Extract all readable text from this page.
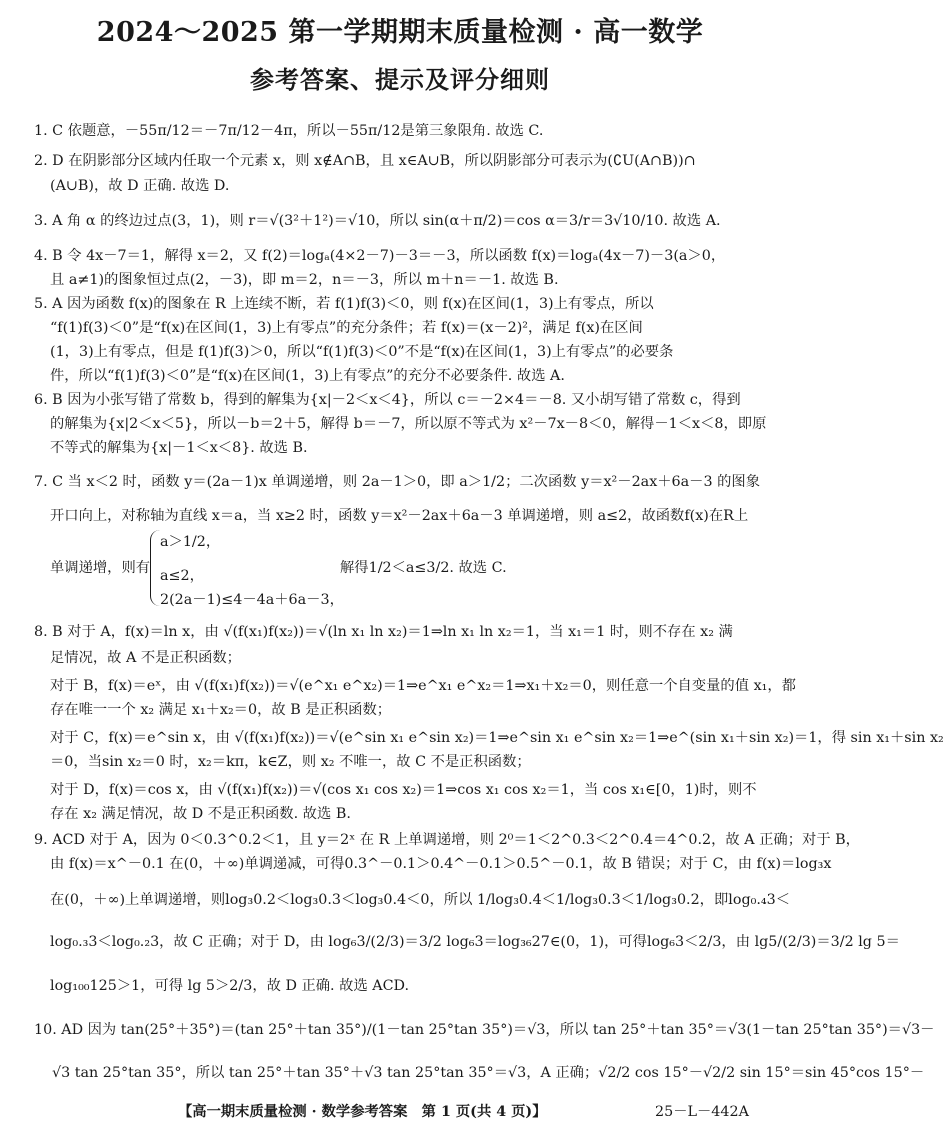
2024～2025 第一学期期末质量检测 · 高一数学
参考答案、提示及评分细则
1. C 依题意，－55π/12＝－7π/12－4π，所以－55π/12是第三象限角. 故选 C.
2. D 在阴影部分区域内任取一个元素 x，则 x∉A∩B，且 x∈A∪B，所以阴影部分可表示为(∁U(A∩B))∩
(A∪B)，故 D 正确. 故选 D.
3. A 角 α 的终边过点(3，1)，则 r＝√(3²＋1²)＝√10，所以 sin(α＋π/2)＝cos α＝3/r＝3√10/10. 故选 A.
4. B 令 4x－7＝1，解得 x＝2，又 f(2)＝logₐ(4×2－7)－3＝－3，所以函数 f(x)＝logₐ(4x－7)－3(a＞0，
且 a≠1)的图象恒过点(2，－3)，即 m＝2，n＝－3，所以 m＋n＝－1. 故选 B.
5. A 因为函数 f(x)的图象在 R 上连续不断，若 f(1)f(3)＜0，则 f(x)在区间(1，3)上有零点，所以
“f(1)f(3)＜0”是“f(x)在区间(1，3)上有零点”的充分条件；若 f(x)＝(x－2)²，满足 f(x)在区间
(1，3)上有零点，但是 f(1)f(3)＞0，所以“f(1)f(3)＜0”不是“f(x)在区间(1，3)上有零点”的必要条
件，所以“f(1)f(3)＜0”是“f(x)在区间(1，3)上有零点”的充分不必要条件. 故选 A.
6. B 因为小张写错了常数 b，得到的解集为{x|－2＜x＜4}，所以 c＝－2×4＝－8. 又小胡写错了常数 c，得到
的解集为{x|2＜x＜5}，所以－b＝2＋5，解得 b＝－7，所以原不等式为 x²－7x－8＜0，解得－1＜x＜8，即原
不等式的解集为{x|－1＜x＜8}. 故选 B.
7. C 当 x＜2 时，函数 y＝(2a－1)x 单调递增，则 2a－1＞0，即 a＞1/2；二次函数 y＝x²－2ax＋6a－3 的图象
开口向上，对称轴为直线 x＝a，当 x≥2 时，函数 y＝x²－2ax＋6a－3 单调递增，则 a≤2，故函数f(x)在R上
a＞1/2，
单调递增，则有 a≤2，	解得1/2＜a≤3/2. 故选 C.
2(2a－1)≤4－4a＋6a－3，
8. B 对于 A，f(x)＝ln x，由 √(f(x₁)f(x₂))＝√(ln x₁ ln x₂)＝1⇒ln x₁ ln x₂＝1，当 x₁＝1 时，则不存在 x₂ 满
足情况，故 A 不是正积函数；
对于 B，f(x)＝eˣ，由 √(f(x₁)f(x₂))＝√(e^x₁ e^x₂)＝1⇒e^x₁ e^x₂＝1⇒x₁＋x₂＝0，则任意一个自变量的值 x₁，都
存在唯一一个 x₂ 满足 x₁＋x₂＝0，故 B 是正积函数；
对于 C，f(x)＝e^sin x，由 √(f(x₁)f(x₂))＝√(e^sin x₁ e^sin x₂)＝1⇒e^sin x₁ e^sin x₂＝1⇒e^(sin x₁＋sin x₂)＝1，得 sin x₁＋sin x₂
＝0，当sin x₂＝0 时，x₂＝kπ，k∈Z，则 x₂ 不唯一，故 C 不是正积函数；
对于 D，f(x)＝cos x，由 √(f(x₁)f(x₂))＝√(cos x₁ cos x₂)＝1⇒cos x₁ cos x₂＝1，当 cos x₁∈[0，1)时，则不
存在 x₂ 满足情况，故 D 不是正积函数. 故选 B.
9. ACD 对于 A，因为 0＜0.3^0.2＜1，且 y＝2ˣ 在 R 上单调递增，则 2⁰＝1＜2^0.3＜2^0.4＝4^0.2，故 A 正确；对于 B，
由 f(x)＝x^－0.1 在(0，＋∞)单调递减，可得0.3^－0.1＞0.4^－0.1＞0.5^－0.1，故 B 错误；对于 C，由 f(x)＝log₃x
在(0，＋∞)上单调递增，则log₃0.2＜log₃0.3＜log₃0.4＜0，所以 1/log₃0.4＜1/log₃0.3＜1/log₃0.2，即log₀.₄3＜
log₀.₃3＜log₀.₂3，故 C 正确；对于 D，由 log₆3/(2/3)＝3/2 log₆3＝log₃₆27∈(0，1)，可得log₆3＜2/3，由 lg5/(2/3)＝3/2 lg 5＝
log₁₀₀125＞1，可得 lg 5＞2/3，故 D 正确. 故选 ACD.
10. AD 因为 tan(25°＋35°)＝(tan 25°＋tan 35°)/(1－tan 25°tan 35°)＝√3，所以 tan 25°＋tan 35°＝√3(1－tan 25°tan 35°)＝√3－
√3 tan 25°tan 35°，所以 tan 25°＋tan 35°＋√3 tan 25°tan 35°＝√3，A 正确；√2/2 cos 15°－√2/2 sin 15°＝sin 45°cos 15°－
【高一期末质量检测 · 数学参考答案　第 1 页(共 4 页)】	25－L－442A
